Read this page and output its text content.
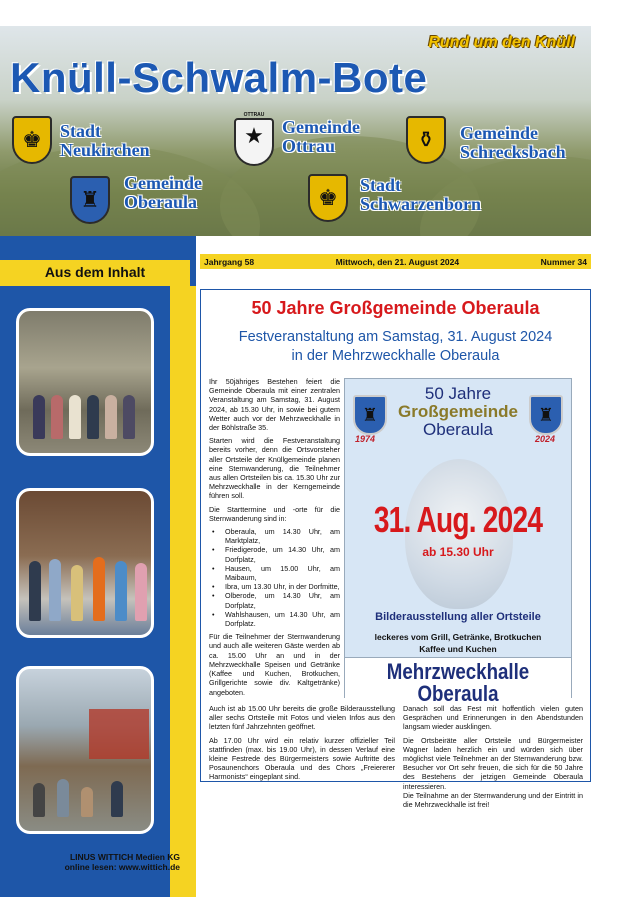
Rund um den Knüll
Knüll-Schwalm-Bote
♚	Stadt
Neukirchen
OTTRAU
★	Gemeinde
Ottrau	⚱	Gemeinde
Schrecksbach
♜
Gemeinde
Oberaula	♚	Stadt
Schwarzenborn
Aus dem Inhalt
LINUS WITTICH Medien KG
online lesen: www.wittich.de
Jahrgang 58	Mittwoch, den 21. August 2024	Nummer 34
50 Jahre Großgemeinde Oberaula
Festveranstaltung am Samstag, 31. August 2024
in der Mehrzweckhalle Oberaula

Ihr 50jähriges Bestehen feiert die Gemeinde Oberaula mit einer zentralen Veranstaltung am Samstag, 31. August 2024, ab 15.30 Uhr, in sowie bei gutem Wetter auch vor der Mehrzweckhalle in der Böhlstraße 35.

Starten wird die Festveranstaltung bereits vorher, denn die Ortsvorsteher aller Ortsteile der Knüllgemeinde planen eine Sternwanderung, die Teilnehmer aus allen Ortsteilen bis ca. 15.30 Uhr zur Mehrzweckhalle in der Kerngemeinde führen soll.

Die Starttermine und -orte für die Sternwanderung sind in:

• Oberaula, um 14.30 Uhr, am Marktplatz,
• Friedigerode, um 14.30 Uhr, am Dorfplatz,
• Hausen, um 15.00 Uhr, am Maibaum,
• Ibra, um 13.30 Uhr, in der Dorfmitte,
• Olberode, um 14.30 Uhr, am Dorfplatz,
• Wahlshausen, um 14.30 Uhr, am Dorfplatz.

Für die Teilnehmer der Sternwanderung und auch alle weiteren Gäste werden ab ca. 15.00 Uhr an und in der Mehrzweckhalle Speisen und Getränke (Kaffee und Kuchen, Brotkuchen, Grillgerichte sowie div. Kaltgetränke) angeboten.

Auch ist ab 15.00 Uhr bereits die große Bilderausstellung aller sechs Ortsteile mit Fotos und vielen Infos aus den letzten fünf Jahrzehnten geöffnet.

Ab 17.00 Uhr wird ein relativ kurzer offizieller Teil stattfinden (max. bis 19.00 Uhr), in dessen Verlauf eine kleine Festrede des Bürgermeisters sowie Auftritte des Posaunenchors Oberaula und des Chors „Freiererer Harmonists“ eingeplant sind.

Danach soll das Fest mit hoffentlich vielen guten Gesprächen und Erinnerungen in den Abendstunden langsam wieder ausklingen.

Die Ortsbeiräte aller Ortsteile und Bürgermeister Wagner laden herzlich ein und würden sich über möglichst viele Teilnehmer an der Sternwanderung bzw. Besucher vor Ort sehr freuen, die sich für die 50 Jahre des Bestehens der jetzigen Gemeinde Oberaula interessieren.

Die Teilnahme an der Sternwanderung und der Eintritt in die Mehrzweckhalle ist frei!

♜	♜
1974	2024
50 Jahre
Großgemeinde
Oberaula
31. Aug. 2024
ab 15.30 Uhr
Bilderausstellung aller Ortsteile
leckeres vom Grill, Getränke, Brotkuchen
Kaffee und Kuchen
Mehrzweckhalle
Oberaula
